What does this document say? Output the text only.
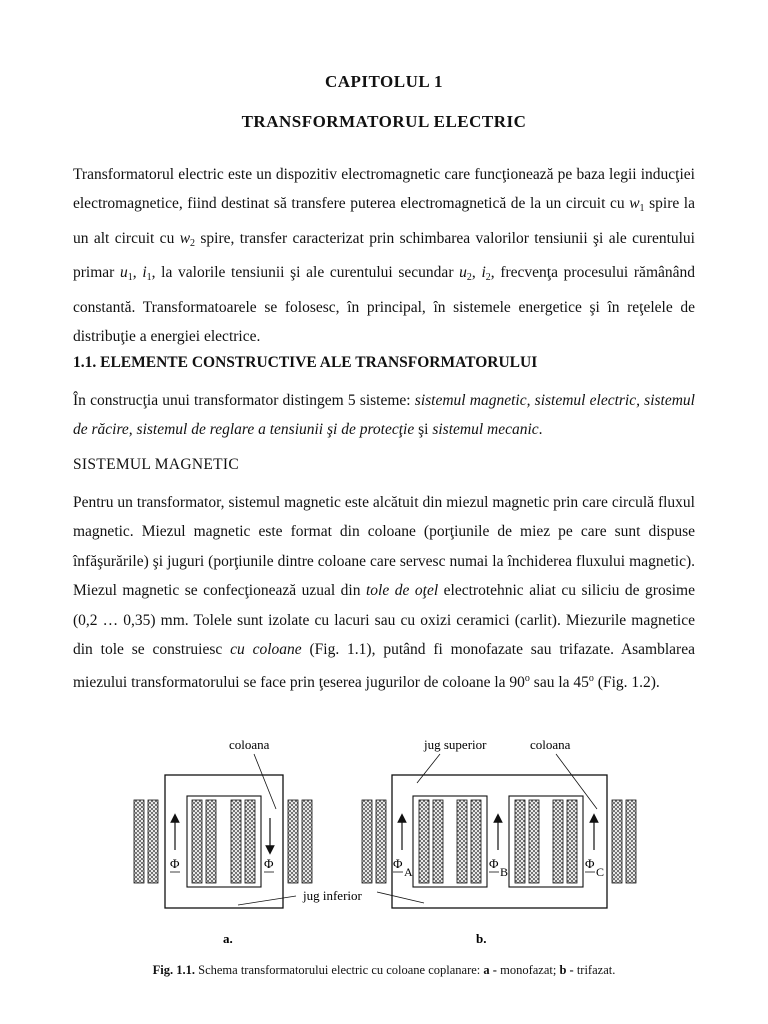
CAPITOLUL 1
TRANSFORMATORUL ELECTRIC

Transformatorul electric este un dispozitiv electromagnetic care funcţionează pe baza legii inducţiei electromagnetice, fiind destinat să transfere puterea electromagnetică de la un circuit cu $w_1$ spire la un alt circuit cu $w_2$ spire, transfer caracterizat prin schimbarea valorilor tensiunii şi ale curentului primar $u_1$, $i_1$, la valorile tensiunii şi ale curentului secundar $u_2$, $i_2$, frecvenţa procesului rămânând constantă. Transformatoarele se folosesc, în principal, în sistemele energetice şi în reţelele de distribuţie a energiei electrice.

1.1. ELEMENTE CONSTRUCTIVE ALE TRANSFORMATORULUI

În construcţia unui transformator distingem 5 sisteme: sistemul magnetic, sistemul electric, sistemul de răcire, sistemul de reglare a tensiunii şi de protecţie şi sistemul mecanic.

SISTEMUL MAGNETIC

Pentru un transformator, sistemul magnetic este alcătuit din miezul magnetic prin care circulă fluxul magnetic. Miezul magnetic este format din coloane (porţiunile de miez pe care sunt dispuse înfăşurările) şi juguri (porţiunile dintre coloane care servesc numai la închiderea fluxului magnetic). Miezul magnetic se confecţionează uzual din tole de oţel electrotehnic aliat cu siliciu de grosime (0,2 … 0,35) mm. Tolele sunt izolate cu lacuri sau cu oxizi ceramici (carlit). Miezurile magnetice din tole se construiesc cu coloane (Fig. 1.1), putând fi monofazate sau trifazate. Asamblarea miezului transformatorului se face prin ţeserea jugurilor de coloane la 90$^o$ sau la 45$^o$ (Fig. 1.2).

Φ	Φ
coloana
a.
Φ
A
Φ
B
Φ
C
jug superior	coloana
jug inferior
b.
Fig. 1.1. Schema transformatorului electric cu coloane coplanare: a - monofazat; b - trifazat.
